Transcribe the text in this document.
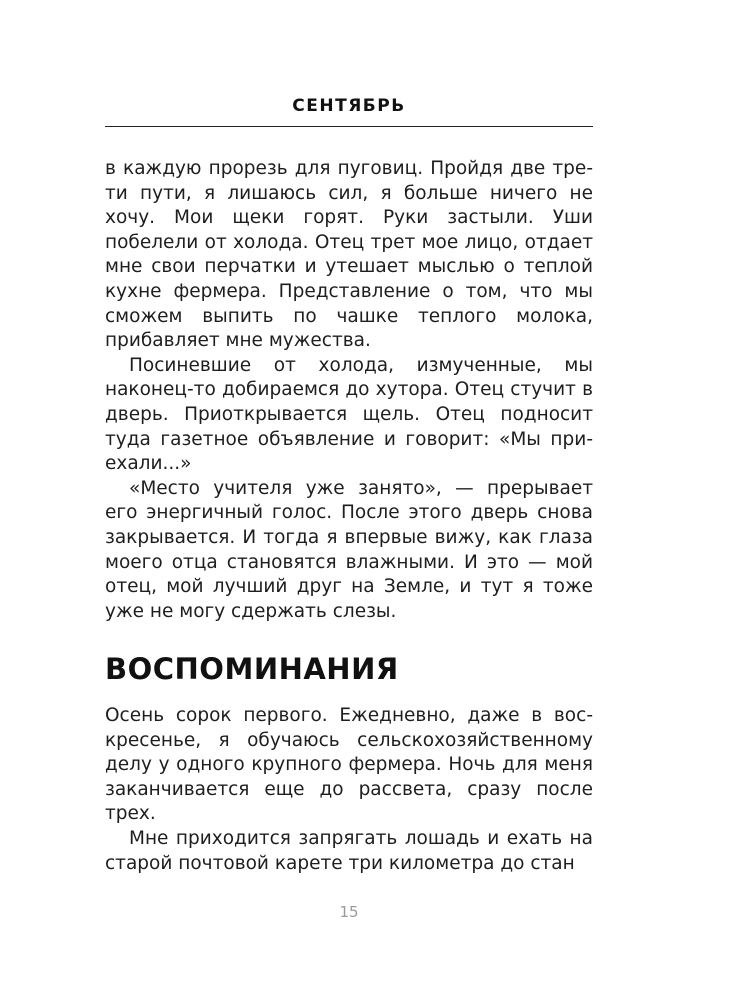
СЕНТЯБРЬ

в каждую прорезь для пуговиц. Пройдя две трети пути, я лишаюсь сил, я больше ничего не хочу. Мои щеки горят. Руки застыли. Уши побелели от холода. Отец трет мое лицо, отдает мне свои перчатки и утешает мыслью о теплой кухне фермера. Представление о том, что мы сможем выпить по чашке теплого молока, прибавляет мне мужества.

Посиневшие от холода, измученные, мы наконец-то добираемся до хутора. Отец стучит в дверь. Приоткрывается щель. Отец подносит туда газетное объявление и говорит: «Мы приехали...»

«Место учителя уже занято», — прерывает его энергичный голос. После этого дверь снова закрывается. И тогда я впервые вижу, как глаза моего отца становятся влажными. И это — мой отец, мой лучший друг на Земле, и тут я тоже уже не могу сдержать слезы.

ВОСПОМИНАНИЯ

Осень сорок первого. Ежедневно, даже в воскресенье, я обучаюсь сельскохозяйственному делу у одного крупного фермера. Ночь для меня заканчивается еще до рассвета, сразу после трех.

Мне приходится запрягать лошадь и ехать на старой почтовой карете три километра до стан

15
